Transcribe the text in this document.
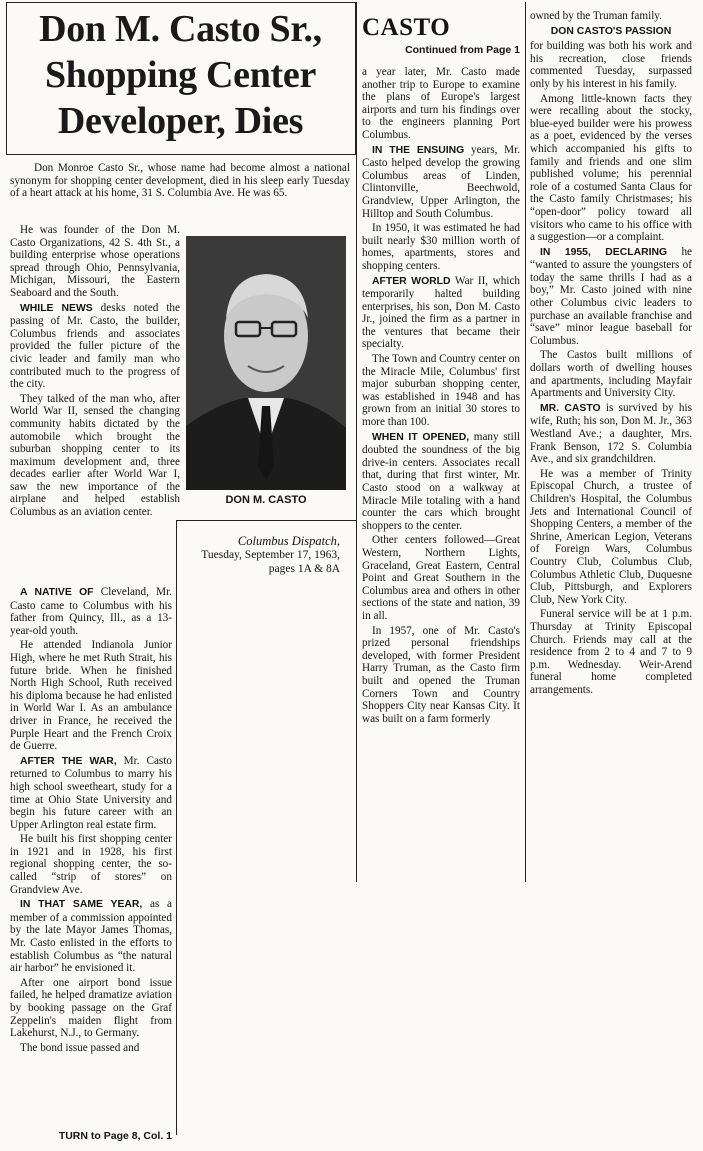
Don M. Casto Sr.,
Shopping Center
Developer, Dies

Don Monroe Casto Sr., whose name had become almost a national synonym for shopping center development, died in his sleep early Tuesday of a heart attack at his home, 31 S. Columbia Ave. He was 65.

He was founder of the Don M. Casto Organizations, 42 S. 4th St., a building enterprise whose operations spread through Ohio, Pennsylvania, Michigan, Missouri, the Eastern Seaboard and the South.

WHILE NEWS desks noted the passing of Mr. Casto, the builder, Columbus friends and associates provided the fuller picture of the civic leader and family man who contributed much to the progress of the city.

They talked of the man who, after World War II, sensed the changing community habits dictated by the automobile which brought the suburban shopping center to its maximum development and, three decades earlier after World War I, saw the new importance of the airplane and helped establish Columbus as an aviation center.

DON M. CASTO
Columbus Dispatch,
Tuesday, September 17, 1963,
pages 1A & 8A

A NATIVE OF Cleveland, Mr. Casto came to Columbus with his father from Quincy, Ill., as a 13-year-old youth.

He attended Indianola Junior High, where he met Ruth Strait, his future bride. When he finished North High School, Ruth received his diploma because he had enlisted in World War I. As an ambulance driver in France, he received the Purple Heart and the French Croix de Guerre.

AFTER THE WAR, Mr. Casto returned to Columbus to marry his high school sweetheart, study for a time at Ohio State University and begin his future career with an Upper Arlington real estate firm.

He built his first shopping center in 1921 and in 1928, his first regional shopping center, the so-called “strip of stores” on Grandview Ave.

IN THAT SAME YEAR, as a member of a commission appointed by the late Mayor James Thomas, Mr. Casto enlisted in the efforts to establish Columbus as “the natural air harbor” he envisioned it.

After one airport bond issue failed, he helped dramatize aviation by booking passage on the Graf Zeppelin's maiden flight from Lakehurst, N.J., to Germany.

The bond issue passed and

TURN to Page 8, Col. 1
CASTO
Continued from Page 1

a year later, Mr. Casto made another trip to Europe to examine the plans of Europe's largest airports and turn his findings over to the engineers planning Port Columbus.

IN THE ENSUING years, Mr. Casto helped develop the growing Columbus areas of Linden, Clintonville, Beechwold, Grandview, Upper Arlington, the Hilltop and South Columbus.

In 1950, it was estimated he had built nearly $30 million worth of homes, apartments, stores and shopping centers.

AFTER WORLD War II, which temporarily halted building enterprises, his son, Don M. Casto Jr., joined the firm as a partner in the ventures that became their specialty.

The Town and Country center on the Miracle Mile, Columbus' first major suburban shopping center, was established in 1948 and has grown from an initial 30 stores to more than 100.

WHEN IT OPENED, many still doubted the soundness of the big drive-in centers. Associates recall that, during that first winter, Mr. Casto stood on a walkway at Miracle Mile totaling with a hand counter the cars which brought shoppers to the center.

Other centers followed—Great Western, Northern Lights, Graceland, Great Eastern, Central Point and Great Southern in the Columbus area and others in other sections of the state and nation, 39 in all.

In 1957, one of Mr. Casto's prized personal friendships developed, with former President Harry Truman, as the Casto firm built and opened the Truman Corners Town and Country Shoppers City near Kansas City. It was built on a farm formerly

owned by the Truman family.

DON CASTO'S PASSION

for building was both his work and his recreation, close friends commented Tuesday, surpassed only by his interest in his family.

Among little-known facts they were recalling about the stocky, blue-eyed builder were his prowess as a poet, evidenced by the verses which accompanied his gifts to family and friends and one slim published volume; his perennial role of a costumed Santa Claus for the Casto family Christmases; his “open-door” policy toward all visitors who came to his office with a suggestion—or a complaint.

IN 1955, DECLARING he “wanted to assure the youngsters of today the same thrills I had as a boy,” Mr. Casto joined with nine other Columbus civic leaders to purchase an available franchise and “save” minor league baseball for Columbus.

The Castos built millions of dollars worth of dwelling houses and apartments, including Mayfair Apartments and University City.

MR. CASTO is survived by his wife, Ruth; his son, Don M. Jr., 363 Westland Ave.; a daughter, Mrs. Frank Benson, 172 S. Columbia Ave., and six grandchildren.

He was a member of Trinity Episcopal Church, a trustee of Children's Hospital, the Columbus Jets and International Council of Shopping Centers, a member of the Shrine, American Legion, Veterans of Foreign Wars, Columbus Country Club, Columbus Club, Columbus Athletic Club, Duquesne Club, Pittsburgh, and Explorers Club, New York City.

Funeral service will be at 1 p.m. Thursday at Trinity Episcopal Church. Friends may call at the residence from 2 to 4 and 7 to 9 p.m. Wednesday. Weir-Arend funeral home completed arrangements.
